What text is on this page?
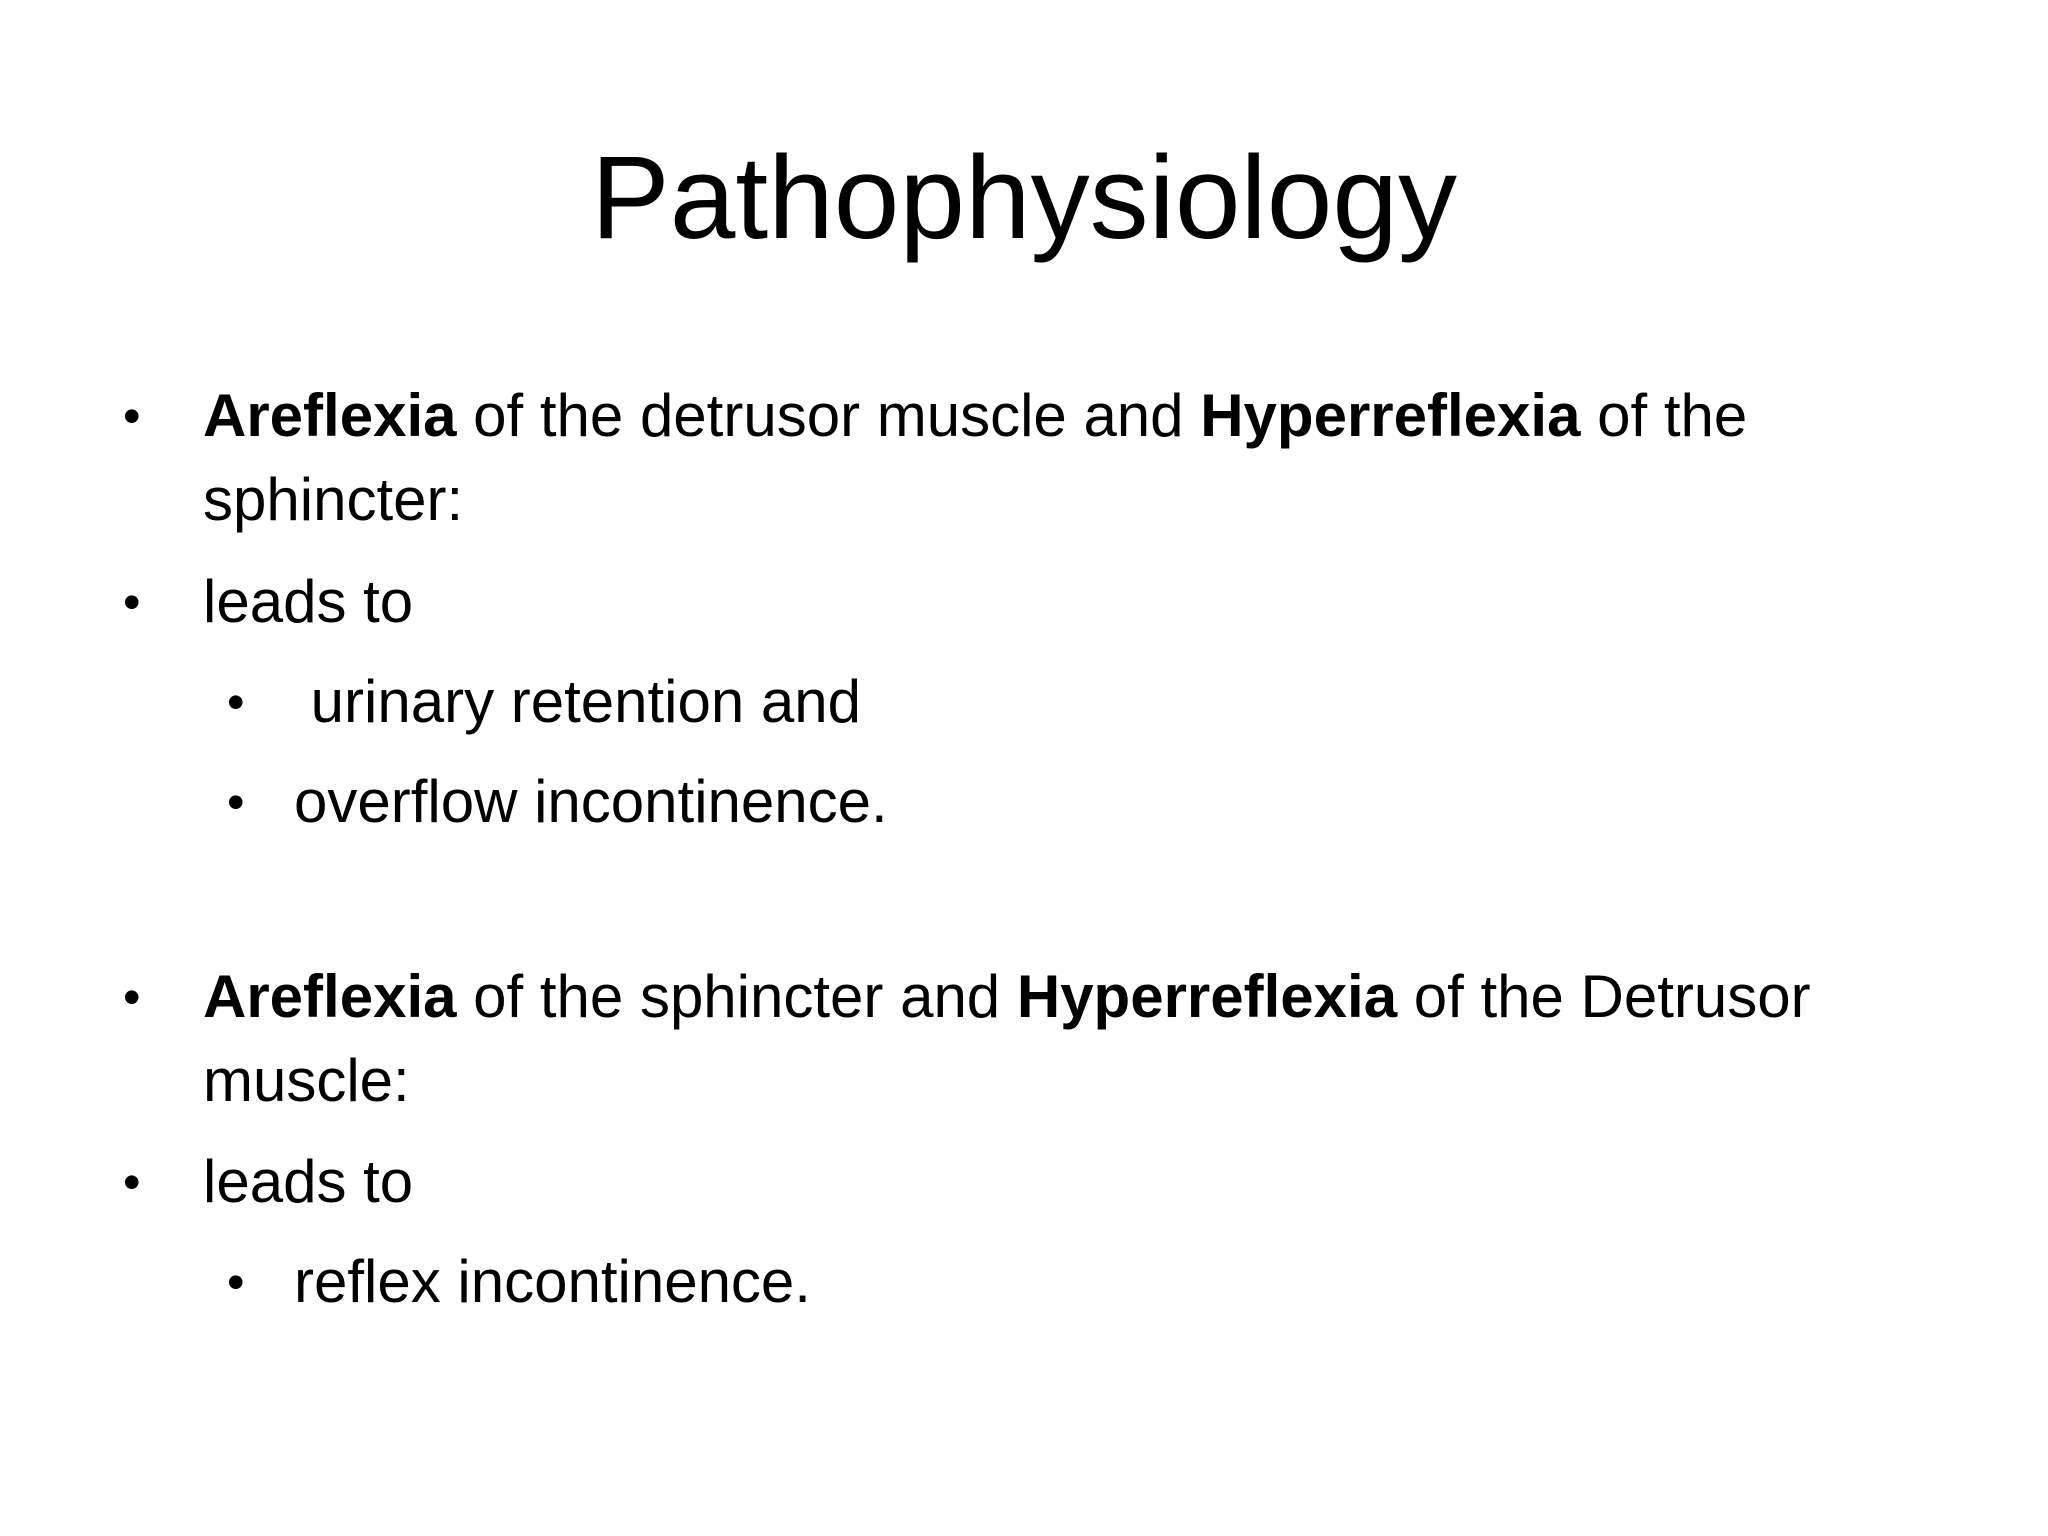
Pathophysiology
• Areflexia of the detrusor muscle and Hyperreflexia of the
sphincter:
• leads to
• urinary retention and
• overflow incontinence.
• Areflexia of the sphincter and Hyperreflexia of the Detrusor
muscle:
• leads to
• reflex incontinence.
